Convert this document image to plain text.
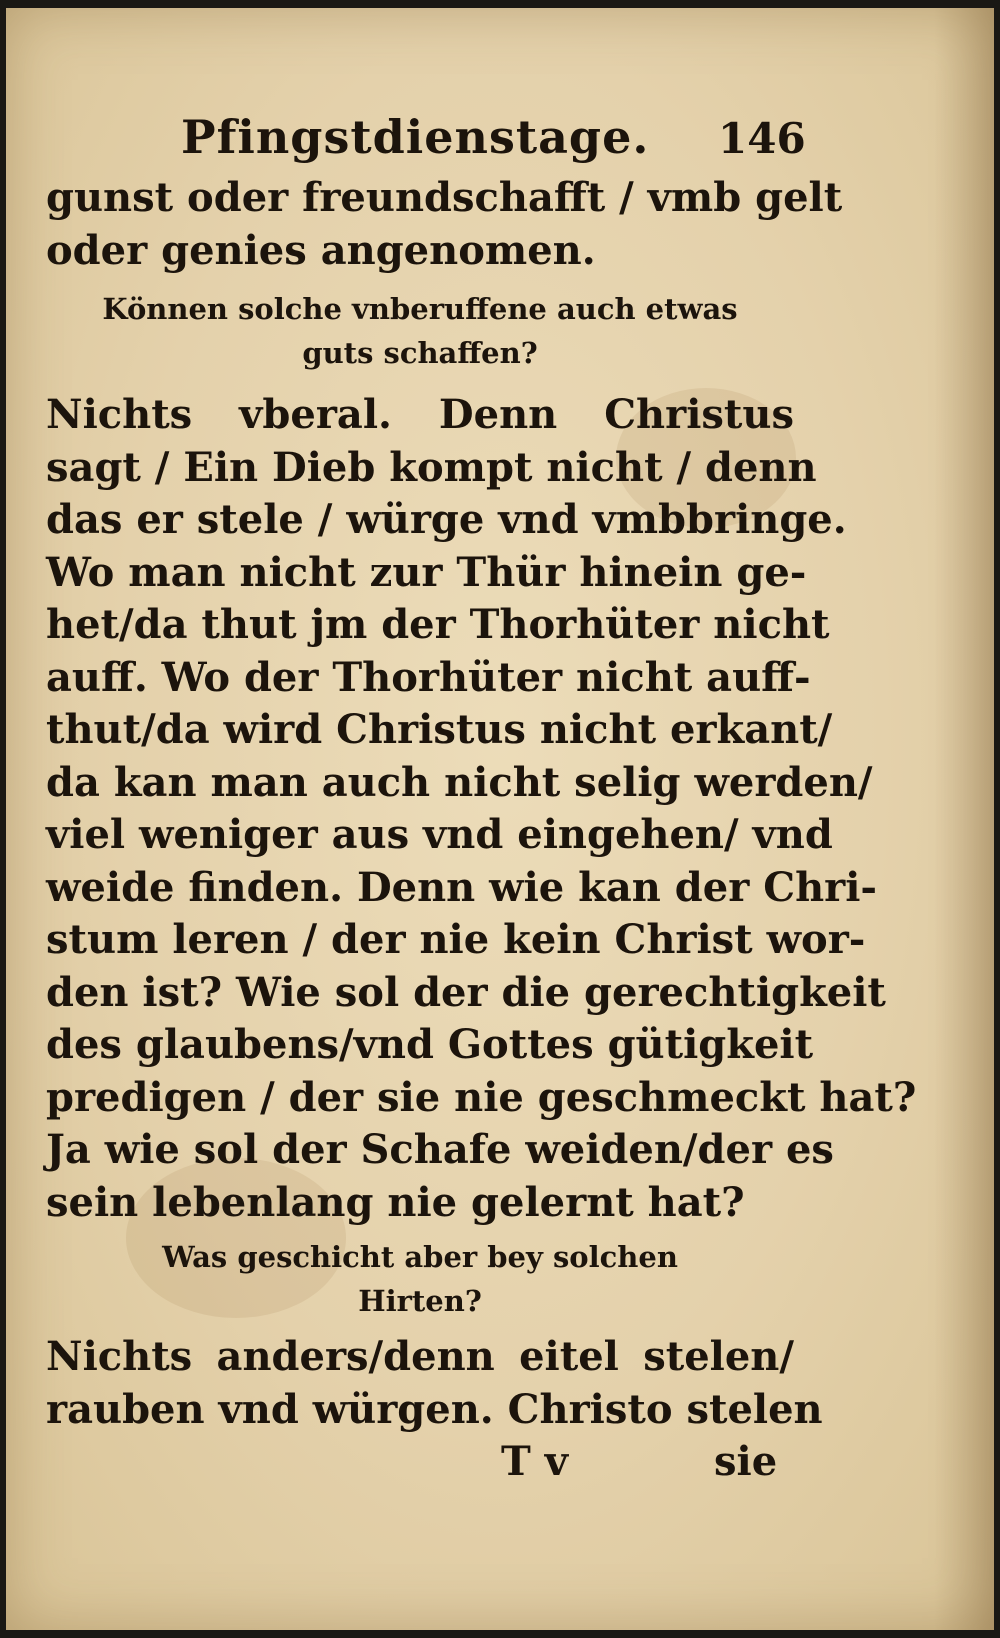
Pfingstdienstage. 146
gunst oder freundschafft / vmb gelt
oder genies angenomen.
Können solche vnberuffene auch etwas
guts schaffen?
Nichts vberal. Denn Christus
sagt / Ein Dieb kompt nicht / denn
das er stele / würge vnd vmbbringe.
Wo man nicht zur Thür hinein ge-
het/da thut jm der Thorhüter nicht
auff. Wo der Thorhüter nicht auff-
thut/da wird Christus nicht erkant/
da kan man auch nicht selig werden/
viel weniger aus vnd eingehen/ vnd
weide finden. Denn wie kan der Chri-
stum leren / der nie kein Christ wor-
den ist? Wie sol der die gerechtigkeit
des glaubens/vnd Gottes gütigkeit
predigen / der sie nie geschmeckt hat?
Ja wie sol der Schafe weiden/der es
sein lebenlang nie gelernt hat?
Was geschicht aber bey solchen
Hirten?
Nichts anders/denn eitel stelen/
rauben vnd würgen. Christo stelen
T v	sie
